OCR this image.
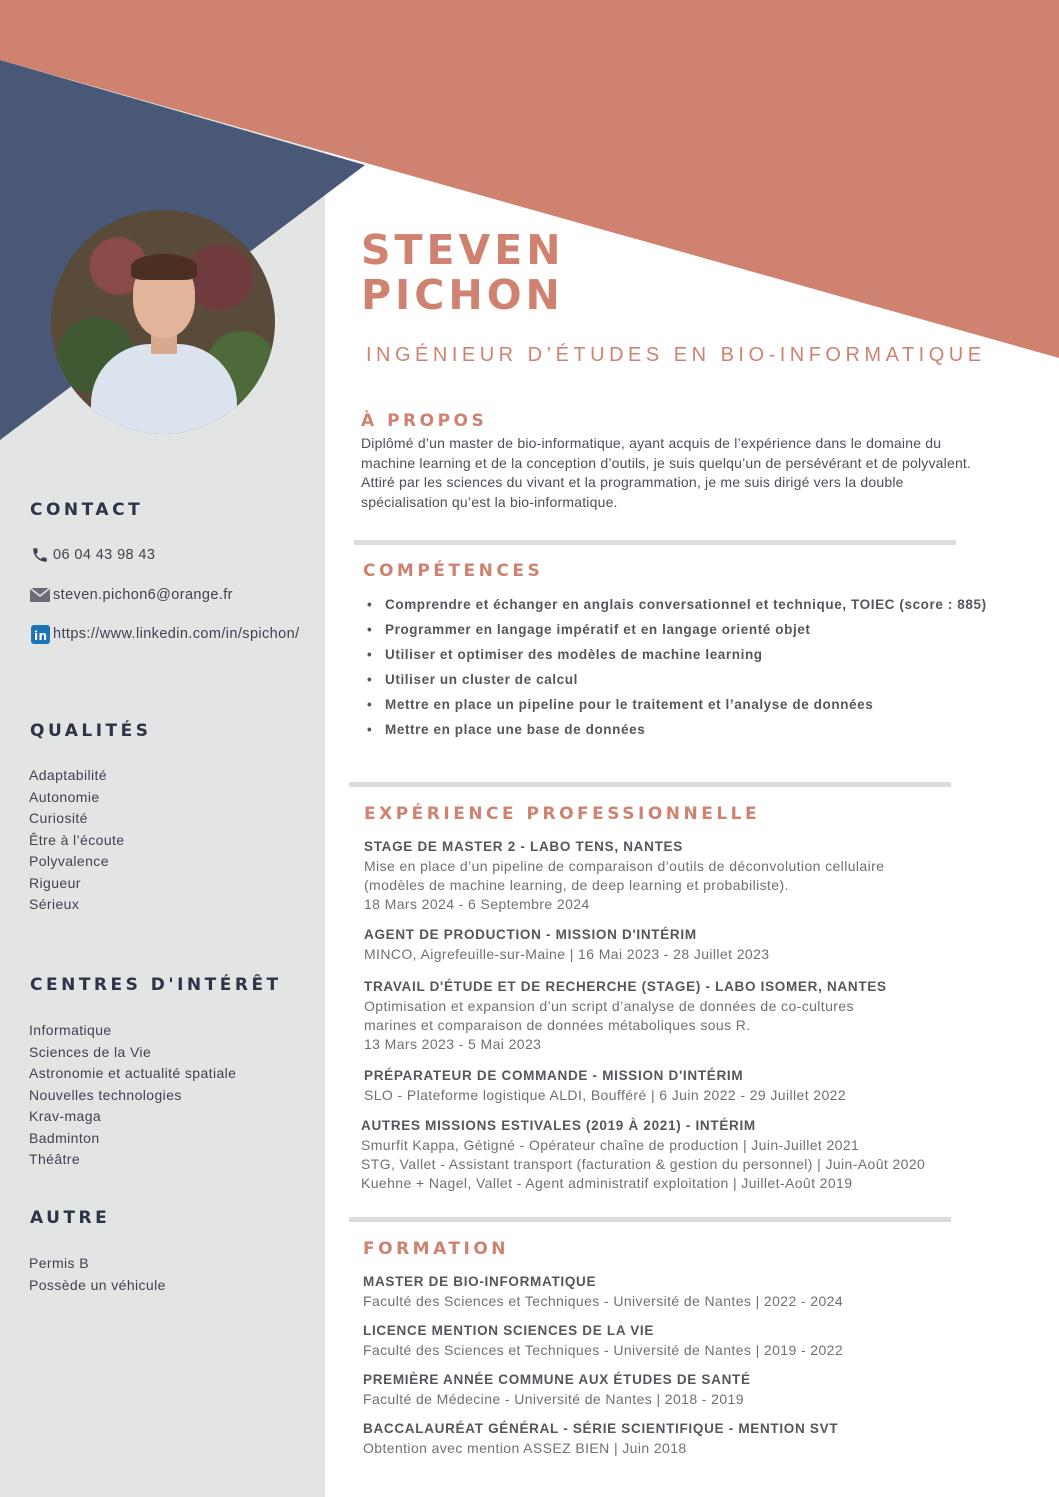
STEVEN
PICHON
INGÉNIEUR D’ÉTUDES EN BIO-INFORMATIQUE
CONTACT
06 04 43 98 43
steven.pichon6@orange.fr
in https://www.linkedin.com/in/spichon/
QUALITÉS
Adaptabilité
Autonomie
Curiosité
Être à l’écoute
Polyvalence
Rigueur
Sérieux
CENTRES D'INTÉRÊT
Informatique
Sciences de la Vie
Astronomie et actualité spatiale
Nouvelles technologies
Krav-maga
Badminton
Théâtre
AUTRE
Permis B
Possède un véhicule
À PROPOS

Diplômé d’un master de bio-informatique, ayant acquis de l’expérience dans le domaine du machine learning et de la conception d’outils, je suis quelqu’un de persévérant et de polyvalent. Attiré par les sciences du vivant et la programmation, je me suis dirigé vers la double spécialisation qu’est la bio-informatique.

COMPÉTENCES
• Comprendre et échanger en anglais conversationnel et technique, TOIEC (score : 885)
• Programmer en langage impératif et en langage orienté objet
• Utiliser et optimiser des modèles de machine learning
• Utiliser un cluster de calcul
• Mettre en place un pipeline pour le traitement et l’analyse de données
• Mettre en place une base de données
EXPÉRIENCE PROFESSIONNELLE
STAGE DE MASTER 2 - LABO TENS, NANTES
Mise en place d’un pipeline de comparaison d’outils de déconvolution cellulaire
(modèles de machine learning, de deep learning et probabiliste).
18 Mars 2024 - 6 Septembre 2024
AGENT DE PRODUCTION - MISSION D'INTÉRIM
MINCO, Aigrefeuille-sur-Maine | 16 Mai 2023 - 28 Juillet 2023
TRAVAIL D'ÉTUDE ET DE RECHERCHE (STAGE) - LABO ISOMER, NANTES
Optimisation et expansion d’un script d’analyse de données de co-cultures
marines et comparaison de données métaboliques sous R.
13 Mars 2023 - 5 Mai 2023
PRÉPARATEUR DE COMMANDE - MISSION D'INTÉRIM
SLO - Plateforme logistique ALDI, Boufféré | 6 Juin 2022 - 29 Juillet 2022
AUTRES MISSIONS ESTIVALES (2019 À 2021) - INTÉRIM
Smurfit Kappa, Gétigné - Opérateur chaîne de production | Juin-Juillet 2021
STG, Vallet - Assistant transport (facturation & gestion du personnel) | Juin-Août 2020
Kuehne + Nagel, Vallet - Agent administratif exploitation | Juillet-Août 2019
FORMATION
MASTER DE BIO-INFORMATIQUE
Faculté des Sciences et Techniques - Université de Nantes | 2022 - 2024
LICENCE MENTION SCIENCES DE LA VIE
Faculté des Sciences et Techniques - Université de Nantes | 2019 - 2022
PREMIÈRE ANNÉE COMMUNE AUX ÉTUDES DE SANTÉ
Faculté de Médecine - Université de Nantes | 2018 - 2019
BACCALAURÉAT GÉNÉRAL - SÉRIE SCIENTIFIQUE - MENTION SVT
Obtention avec mention ASSEZ BIEN | Juin 2018
